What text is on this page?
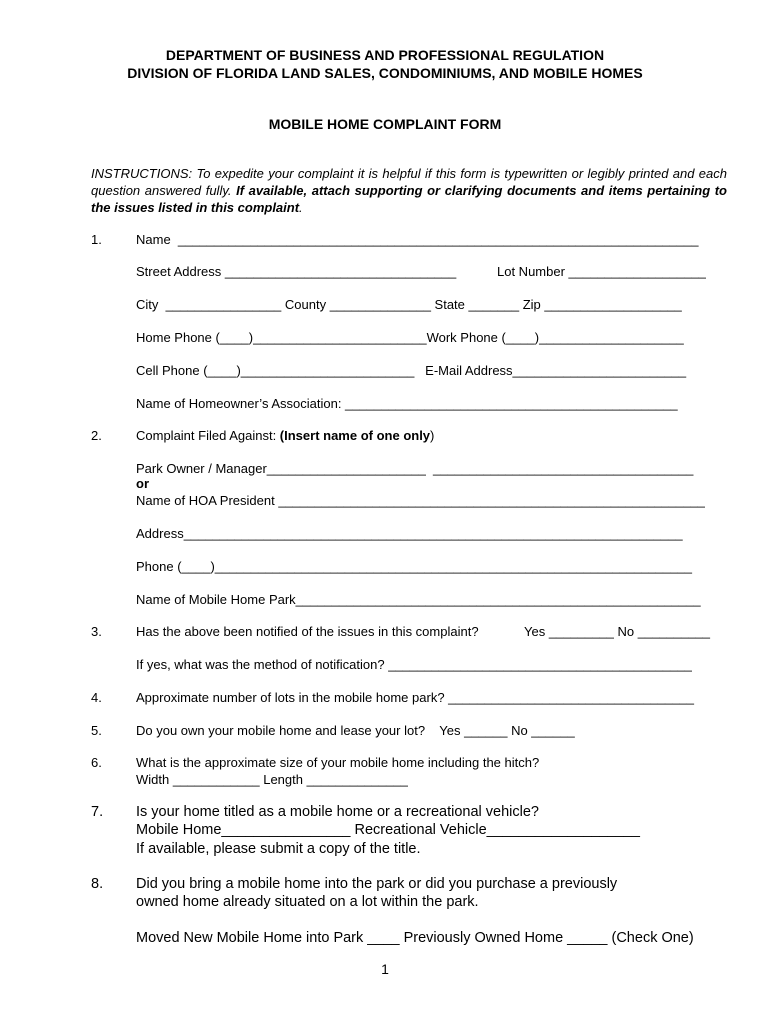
DEPARTMENT OF BUSINESS AND PROFESSIONAL REGULATION
DIVISION OF FLORIDA LAND SALES, CONDOMINIUMS, AND MOBILE HOMES
MOBILE HOME COMPLAINT FORM
INSTRUCTIONS: To expedite your complaint it is helpful if this form is typewritten or legibly printed and each question answered fully. If available, attach supporting or clarifying documents and items pertaining to the issues listed in this complaint.
1.	Name  ________________________________________________________________________
Street Address ________________________________	Lot Number ___________________
City  ________________ County ______________ State _______ Zip ___________________
Home Phone (____)________________________Work Phone (____)____________________
Cell Phone (____)________________________   E-Mail Address________________________
Name of Homeowner’s Association: ______________________________________________
2.	Complaint Filed Against: (Insert name of one only)
Park Owner / Manager______________________  ____________________________________
or
Name of HOA President ___________________________________________________________
Address_____________________________________________________________________
Phone (____)__________________________________________________________________
Name of Mobile Home Park________________________________________________________
3.	Has the above been notified of the issues in this complaint?	Yes _________ No __________
If yes, what was the method of notification? __________________________________________
4.	Approximate number of lots in the mobile home park? __________________________________
5.	Do you own your mobile home and lease your lot?    Yes ______ No ______
6.	What is the approximate size of your mobile home including the hitch?
Width ____________ Length ______________
7. Is your home titled as a mobile home or a recreational vehicle?
Mobile Home________________ Recreational Vehicle___________________
If available, please submit a copy of the title.
8. Did you bring a mobile home into the park or did you purchase a previously
owned home already situated on a lot within the park.
Moved New Mobile Home into Park ____ Previously Owned Home _____ (Check One)
1
